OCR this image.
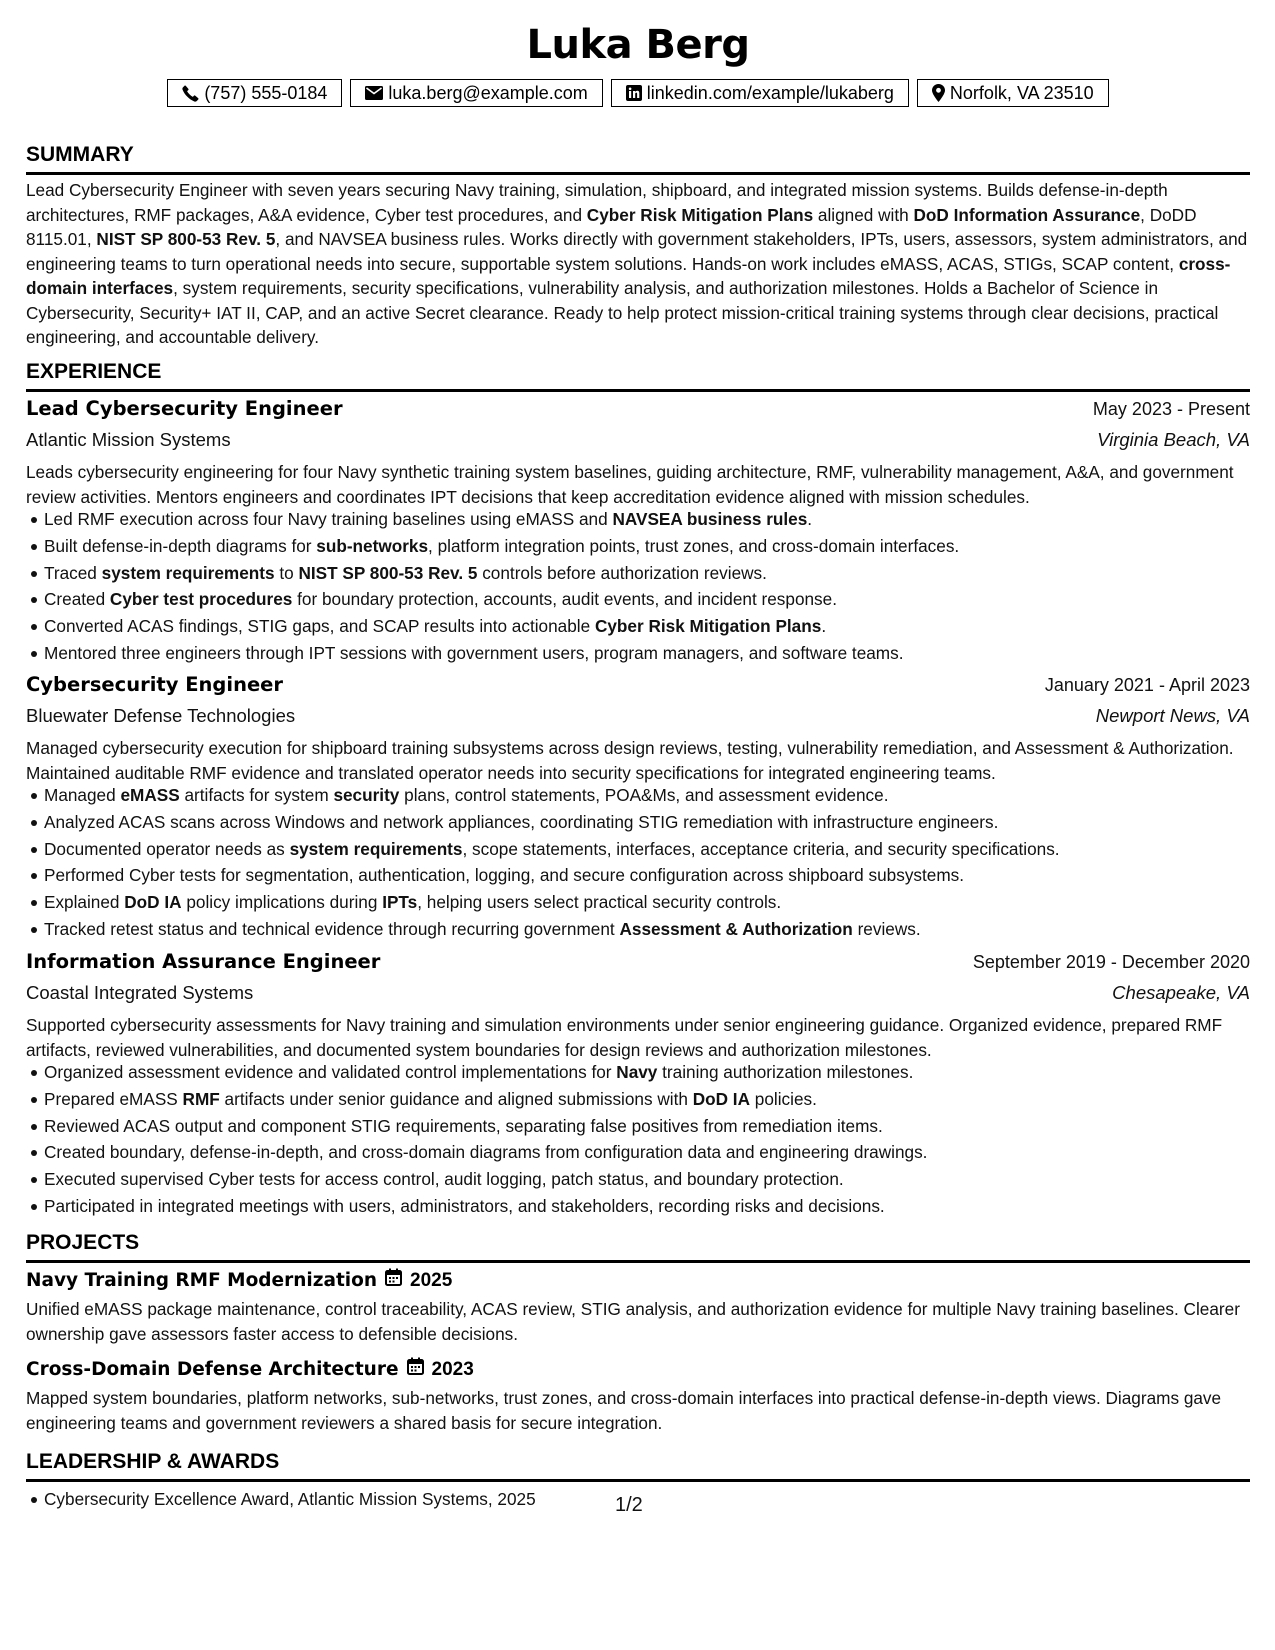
Luka Berg
(757) 555-0184	luka.berg@example.com	linkedin.com/example/lukaberg	Norfolk, VA 23510
SUMMARY
Lead Cybersecurity Engineer with seven years securing Navy training, simulation, shipboard, and integrated mission systems. Builds defense-in-depth architectures, RMF packages, A&A evidence, Cyber test procedures, and Cyber Risk Mitigation Plans aligned with DoD Information Assurance, DoDD 8115.01, NIST SP 800-53 Rev. 5, and NAVSEA business rules. Works directly with government stakeholders, IPTs, users, assessors, system administrators, and engineering teams to turn operational needs into secure, supportable system solutions. Hands-on work includes eMASS, ACAS, STIGs, SCAP content, cross-domain interfaces, system requirements, security specifications, vulnerability analysis, and authorization milestones. Holds a Bachelor of Science in Cybersecurity, Security+ IAT II, CAP, and an active Secret clearance. Ready to help protect mission-critical training systems through clear decisions, practical engineering, and accountable delivery.
EXPERIENCE
Lead Cybersecurity Engineer	May 2023 - Present
Atlantic Mission Systems	Virginia Beach, VA
Leads cybersecurity engineering for four Navy synthetic training system baselines, guiding architecture, RMF, vulnerability management, A&A, and government review activities. Mentors engineers and coordinates IPT decisions that keep accreditation evidence aligned with mission schedules.
Led RMF execution across four Navy training baselines using eMASS and NAVSEA business rules.
Built defense-in-depth diagrams for sub-networks, platform integration points, trust zones, and cross-domain interfaces.
Traced system requirements to NIST SP 800-53 Rev. 5 controls before authorization reviews.
Created Cyber test procedures for boundary protection, accounts, audit events, and incident response.
Converted ACAS findings, STIG gaps, and SCAP results into actionable Cyber Risk Mitigation Plans.
Mentored three engineers through IPT sessions with government users, program managers, and software teams.
Cybersecurity Engineer	January 2021 - April 2023
Bluewater Defense Technologies	Newport News, VA
Managed cybersecurity execution for shipboard training subsystems across design reviews, testing, vulnerability remediation, and Assessment & Authorization. Maintained auditable RMF evidence and translated operator needs into security specifications for integrated engineering teams.
Managed eMASS artifacts for system security plans, control statements, POA&Ms, and assessment evidence.
Analyzed ACAS scans across Windows and network appliances, coordinating STIG remediation with infrastructure engineers.
Documented operator needs as system requirements, scope statements, interfaces, acceptance criteria, and security specifications.
Performed Cyber tests for segmentation, authentication, logging, and secure configuration across shipboard subsystems.
Explained DoD IA policy implications during IPTs, helping users select practical security controls.
Tracked retest status and technical evidence through recurring government Assessment & Authorization reviews.
Information Assurance Engineer	September 2019 - December 2020
Coastal Integrated Systems	Chesapeake, VA
Supported cybersecurity assessments for Navy training and simulation environments under senior engineering guidance. Organized evidence, prepared RMF artifacts, reviewed vulnerabilities, and documented system boundaries for design reviews and authorization milestones.
Organized assessment evidence and validated control implementations for Navy training authorization milestones.
Prepared eMASS RMF artifacts under senior guidance and aligned submissions with DoD IA policies.
Reviewed ACAS output and component STIG requirements, separating false positives from remediation items.
Created boundary, defense-in-depth, and cross-domain diagrams from configuration data and engineering drawings.
Executed supervised Cyber tests for access control, audit logging, patch status, and boundary protection.
Participated in integrated meetings with users, administrators, and stakeholders, recording risks and decisions.
PROJECTS
Navy Training RMF Modernization 2025
Unified eMASS package maintenance, control traceability, ACAS review, STIG analysis, and authorization evidence for multiple Navy training baselines. Clearer ownership gave assessors faster access to defensible decisions.
Cross-Domain Defense Architecture 2023
Mapped system boundaries, platform networks, sub-networks, trust zones, and cross-domain interfaces into practical defense-in-depth views. Diagrams gave engineering teams and government reviewers a shared basis for secure integration.
LEADERSHIP & AWARDS
Cybersecurity Excellence Award, Atlantic Mission Systems, 2025	1/2
